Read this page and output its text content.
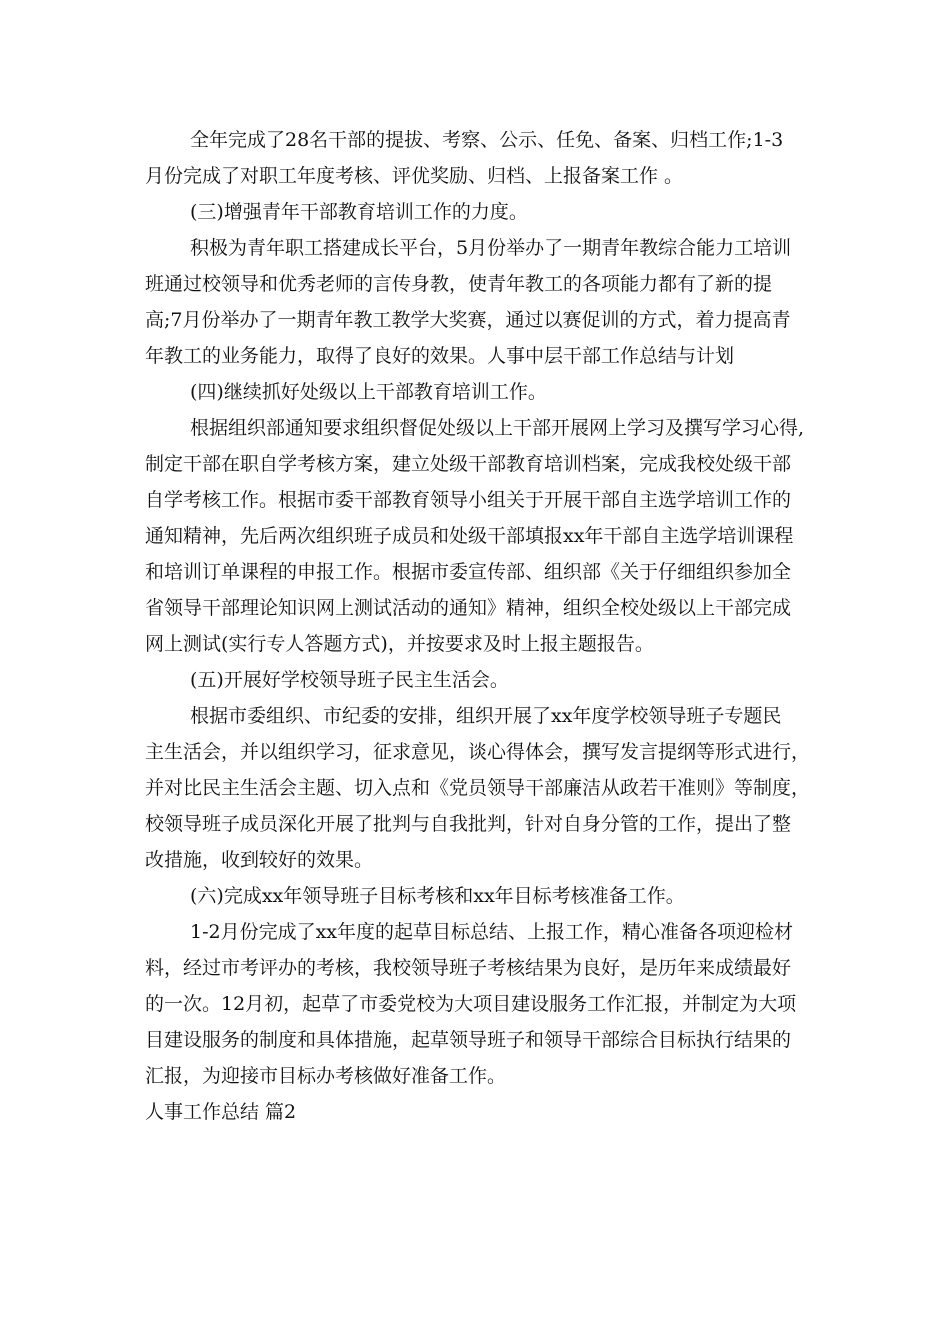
全年完成了28名干部的提拔、考察、公示、任免、备案、归档工作;1-3
月份完成了对职工年度考核、评优奖励、归档、上报备案工作 。
(三)增强青年干部教育培训工作的力度。
积极为青年职工搭建成长平台，5月份举办了一期青年教综合能力工培训
班通过校领导和优秀老师的言传身教，使青年教工的各项能力都有了新的提
高;7月份举办了一期青年教工教学大奖赛，通过以赛促训的方式，着力提高青
年教工的业务能力，取得了良好的效果。人事中层干部工作总结与计划
(四)继续抓好处级以上干部教育培训工作。
根据组织部通知要求组织督促处级以上干部开展网上学习及撰写学习心得,
制定干部在职自学考核方案，建立处级干部教育培训档案，完成我校处级干部
自学考核工作。根据市委干部教育领导小组关于开展干部自主选学培训工作的
通知精神，先后两次组织班子成员和处级干部填报xx年干部自主选学培训课程
和培训订单课程的申报工作。根据市委宣传部、组织部《关于仔细组织参加全
省领导干部理论知识网上测试活动的通知》精神，组织全校处级以上干部完成
网上测试(实行专人答题方式)，并按要求及时上报主题报告。
(五)开展好学校领导班子民主生活会。
根据市委组织、市纪委的安排，组织开展了xx年度学校领导班子专题民
主生活会，并以组织学习，征求意见，谈心得体会，撰写发言提纲等形式进行，
并对比民主生活会主题、切入点和《党员领导干部廉洁从政若干准则》等制度，
校领导班子成员深化开展了批判与自我批判，针对自身分管的工作，提出了整
改措施，收到较好的效果。
(六)完成xx年领导班子目标考核和xx年目标考核准备工作。
1-2月份完成了xx年度的起草目标总结、上报工作，精心准备各项迎检材
料，经过市考评办的考核，我校领导班子考核结果为良好，是历年来成绩最好
的一次。12月初，起草了市委党校为大项目建设服务工作汇报，并制定为大项
目建设服务的制度和具体措施，起草领导班子和领导干部综合目标执行结果的
汇报，为迎接市目标办考核做好准备工作。
人事工作总结 篇2
